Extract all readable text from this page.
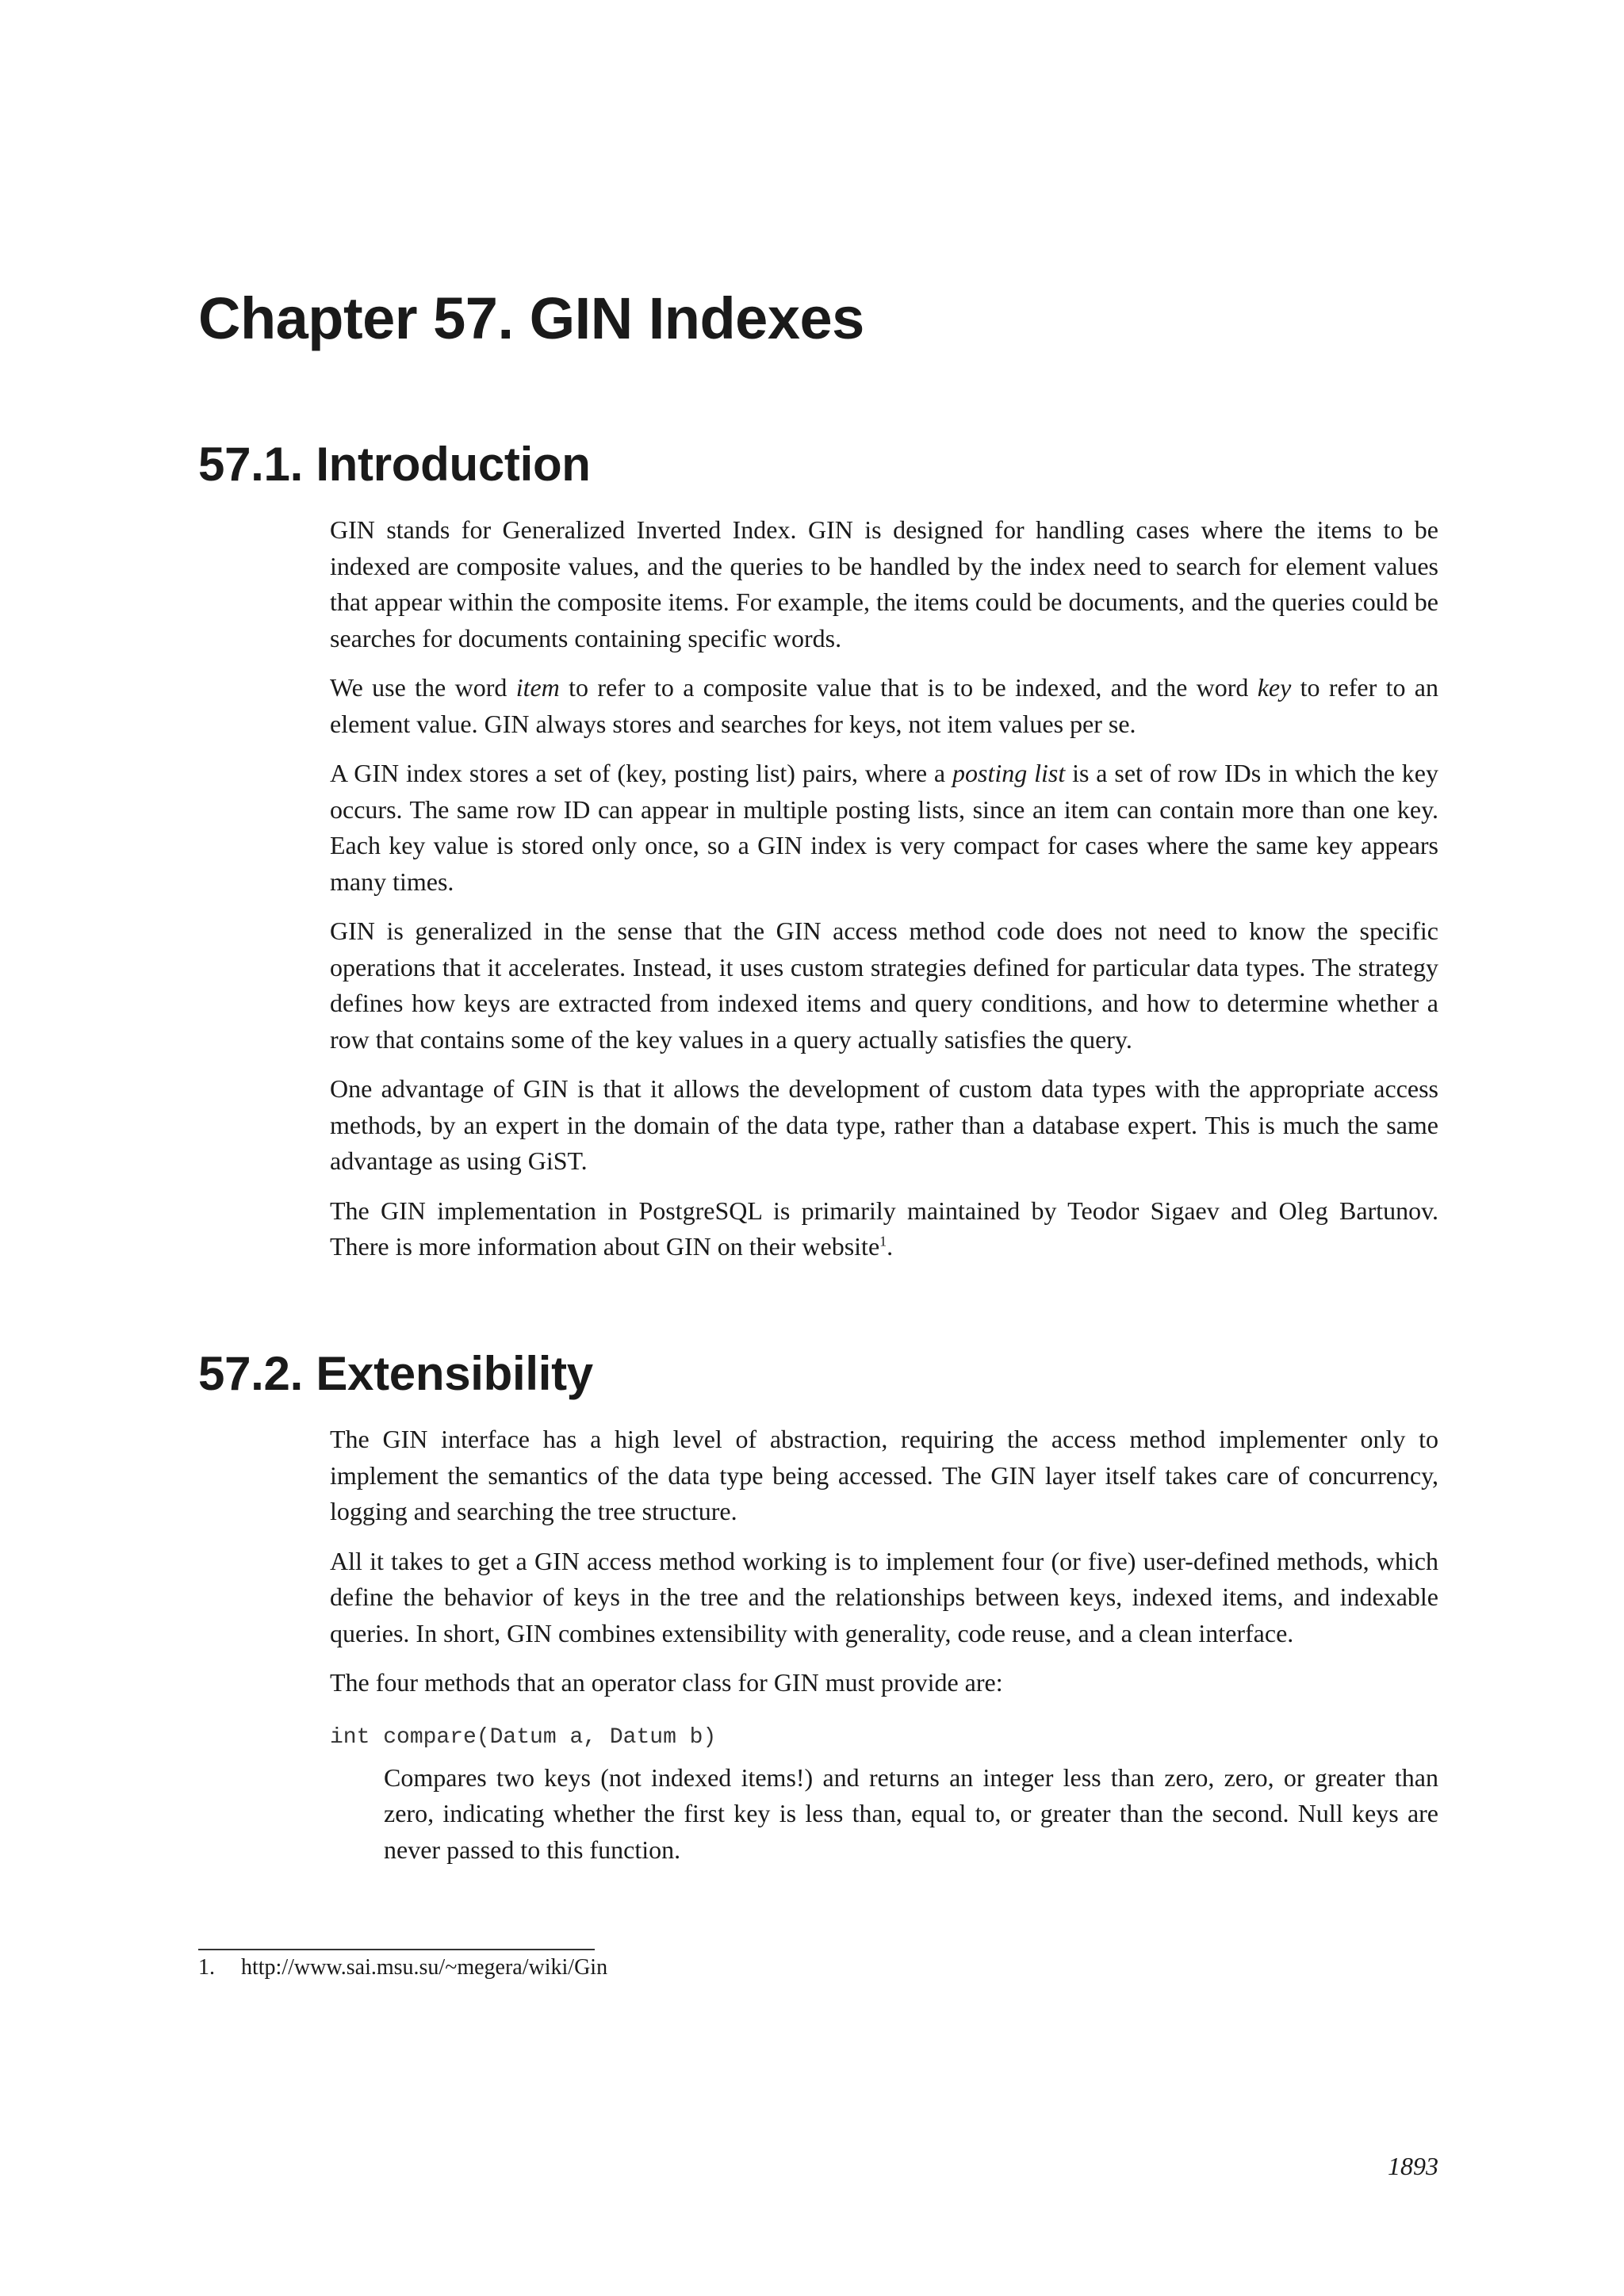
Chapter 57. GIN Indexes
57.1. Introduction

GIN stands for Generalized Inverted Index. GIN is designed for handling cases where the items to be indexed are composite values, and the queries to be handled by the index need to search for element values that appear within the composite items. For example, the items could be documents, and the queries could be searches for documents containing specific words.

We use the word item to refer to a composite value that is to be indexed, and the word key to refer to an element value. GIN always stores and searches for keys, not item values per se.

A GIN index stores a set of (key, posting list) pairs, where a posting list is a set of row IDs in which the key occurs. The same row ID can appear in multiple posting lists, since an item can contain more than one key. Each key value is stored only once, so a GIN index is very compact for cases where the same key appears many times.

GIN is generalized in the sense that the GIN access method code does not need to know the specific operations that it accelerates. Instead, it uses custom strategies defined for particular data types. The strategy defines how keys are extracted from indexed items and query conditions, and how to determine whether a row that contains some of the key values in a query actually satisfies the query.

One advantage of GIN is that it allows the development of custom data types with the appropriate access methods, by an expert in the domain of the data type, rather than a database expert. This is much the same advantage as using GiST.

The GIN implementation in PostgreSQL is primarily maintained by Teodor Sigaev and Oleg Bartunov. There is more information about GIN on their website$^1$.

57.2. Extensibility

The GIN interface has a high level of abstraction, requiring the access method implementer only to implement the semantics of the data type being accessed. The GIN layer itself takes care of concurrency, logging and searching the tree structure.

All it takes to get a GIN access method working is to implement four (or five) user-defined methods, which define the behavior of keys in the tree and the relationships between keys, indexed items, and indexable queries. In short, GIN combines extensibility with generality, code reuse, and a clean interface.

The four methods that an operator class for GIN must provide are:

int compare(Datum a, Datum b)

Compares two keys (not indexed items!) and returns an integer less than zero, zero, or greater than zero, indicating whether the first key is less than, equal to, or greater than the second. Null keys are never passed to this function.

1. http://www.sai.msu.su/~megera/wiki/Gin
1893
